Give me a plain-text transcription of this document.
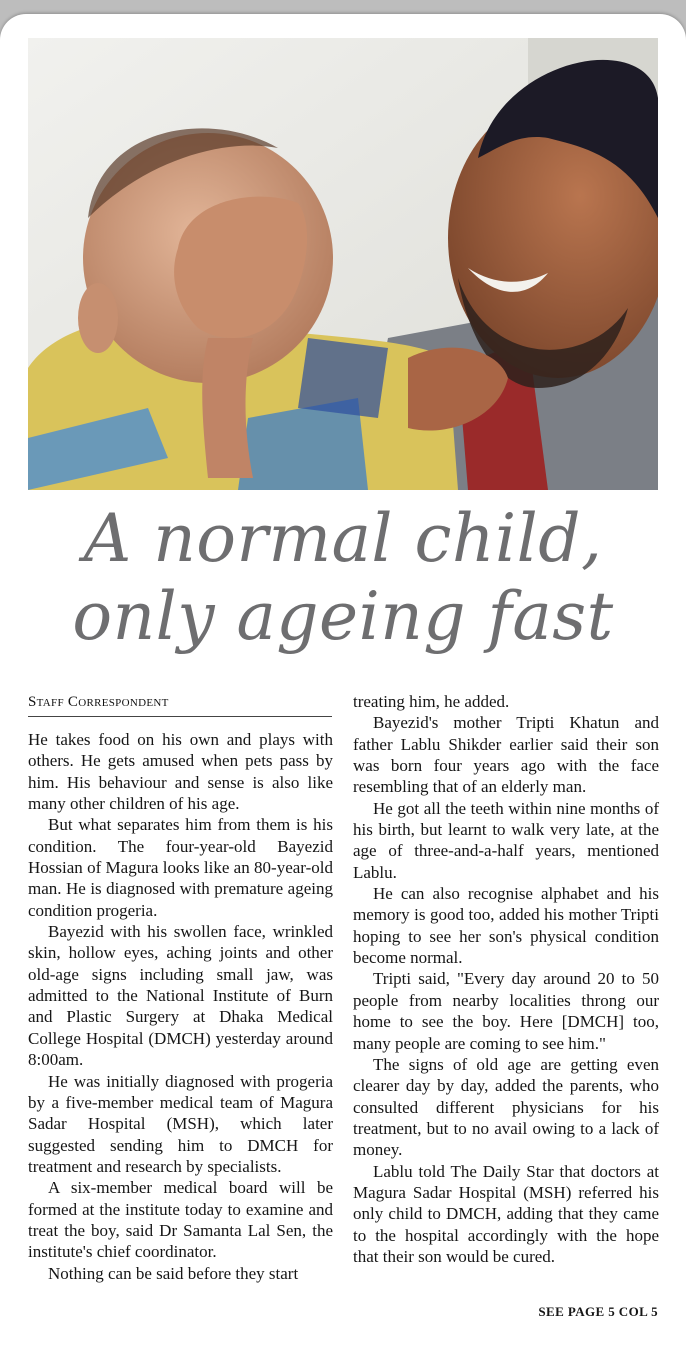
A normal child,
only ageing fast
Staff Correspondent

He takes food on his own and plays with others. He gets amused when pets pass by him. His behaviour and sense is also like many other children of his age.

But what separates him from them is his condition. The four-year-old Bayezid Hossian of Magura looks like an 80-year-old man. He is diagnosed with premature ageing condition progeria.

Bayezid with his swollen face, wrinkled skin, hollow eyes, aching joints and other old-age signs including small jaw, was admitted to the National Institute of Burn and Plastic Surgery at Dhaka Medical College Hospital (DMCH) yesterday around 8:00am.

He was initially diagnosed with progeria by a five-member medical team of Magura Sadar Hospital (MSH), which later suggested sending him to DMCH for treatment and research by specialists.

A six-member medical board will be formed at the institute today to examine and treat the boy, said Dr Samanta Lal Sen, the institute's chief coordinator.

Nothing can be said before they start

treating him, he added.

Bayezid's mother Tripti Khatun and father Lablu Shikder earlier said their son was born four years ago with the face resembling that of an elderly man.

He got all the teeth within nine months of his birth, but learnt to walk very late, at the age of three-and-a-half years, mentioned Lablu.

He can also recognise alphabet and his memory is good too, added his mother Tripti hoping to see her son's physical condition become normal.

Tripti said, "Every day around 20 to 50 people from nearby localities throng our home to see the boy. Here [DMCH] too, many people are coming to see him."

The signs of old age are getting even clearer day by day, added the parents, who consulted different physicians for his treatment, but to no avail owing to a lack of money.

Lablu told The Daily Star that doctors at Magura Sadar Hospital (MSH) referred his only child to DMCH, adding that they came to the hospital accordingly with the hope that their son would be cured.

SEE PAGE 5 COL 5
